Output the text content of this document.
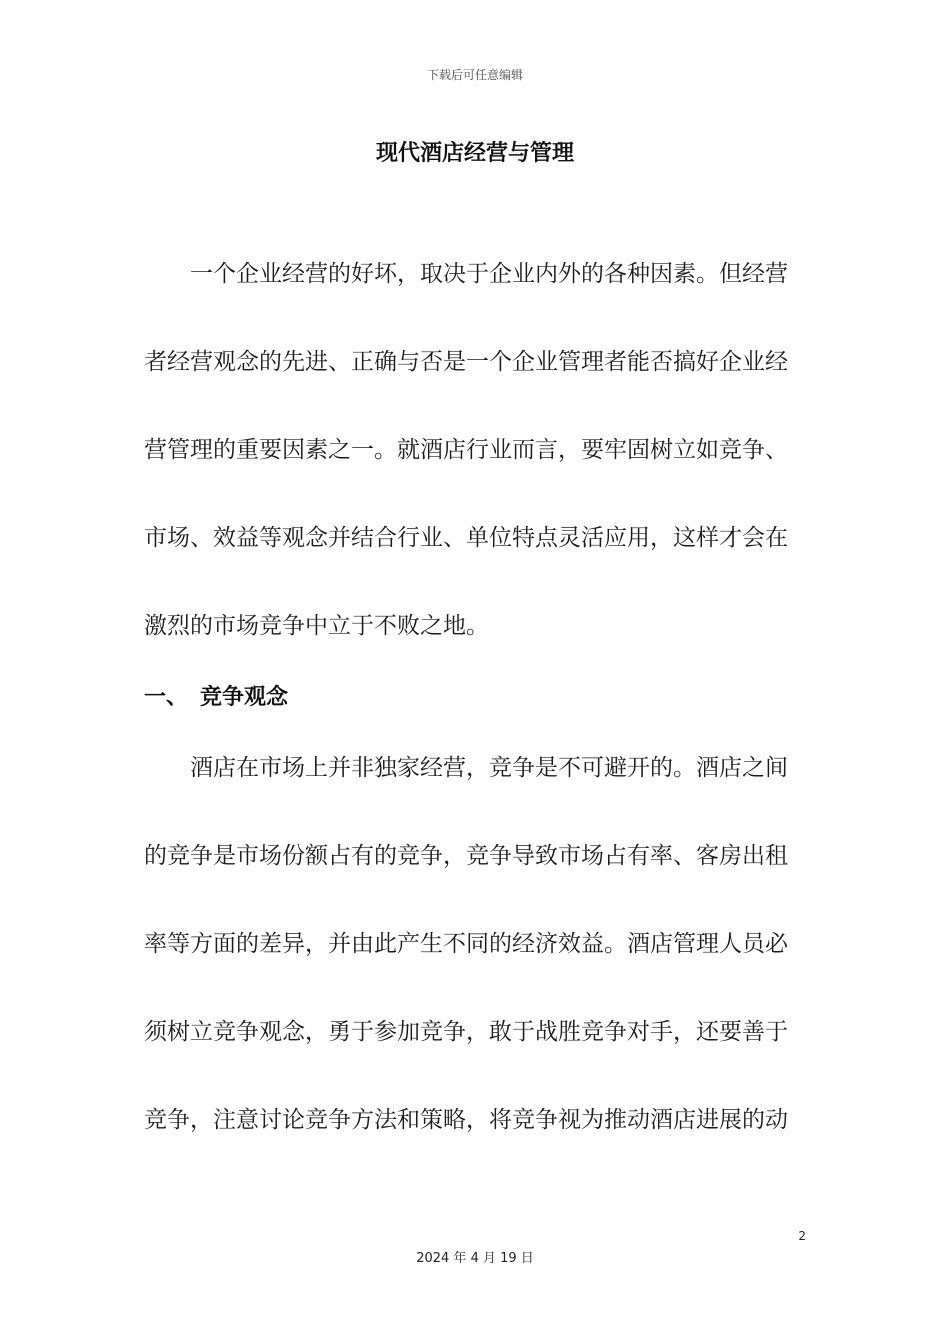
下载后可任意编辑
现代酒店经营与管理
一个企业经营的好坏，取决于企业内外的各种因素。但经营
者经营观念的先进、正确与否是一个企业管理者能否搞好企业经
营管理的重要因素之一。就酒店行业而言，要牢固树立如竞争、
市场、效益等观念并结合行业、单位特点灵活应用，这样才会在
激烈的市场竞争中立于不败之地。
一、 竞争观念
酒店在市场上并非独家经营，竞争是不可避开的。酒店之间
的竞争是市场份额占有的竞争，竞争导致市场占有率、客房出租
率等方面的差异，并由此产生不同的经济效益。酒店管理人员必
须树立竞争观念，勇于参加竞争，敢于战胜竞争对手，还要善于
竞争，注意讨论竞争方法和策略，将竞争视为推动酒店进展的动
2
2024 年 4 月 19 日
